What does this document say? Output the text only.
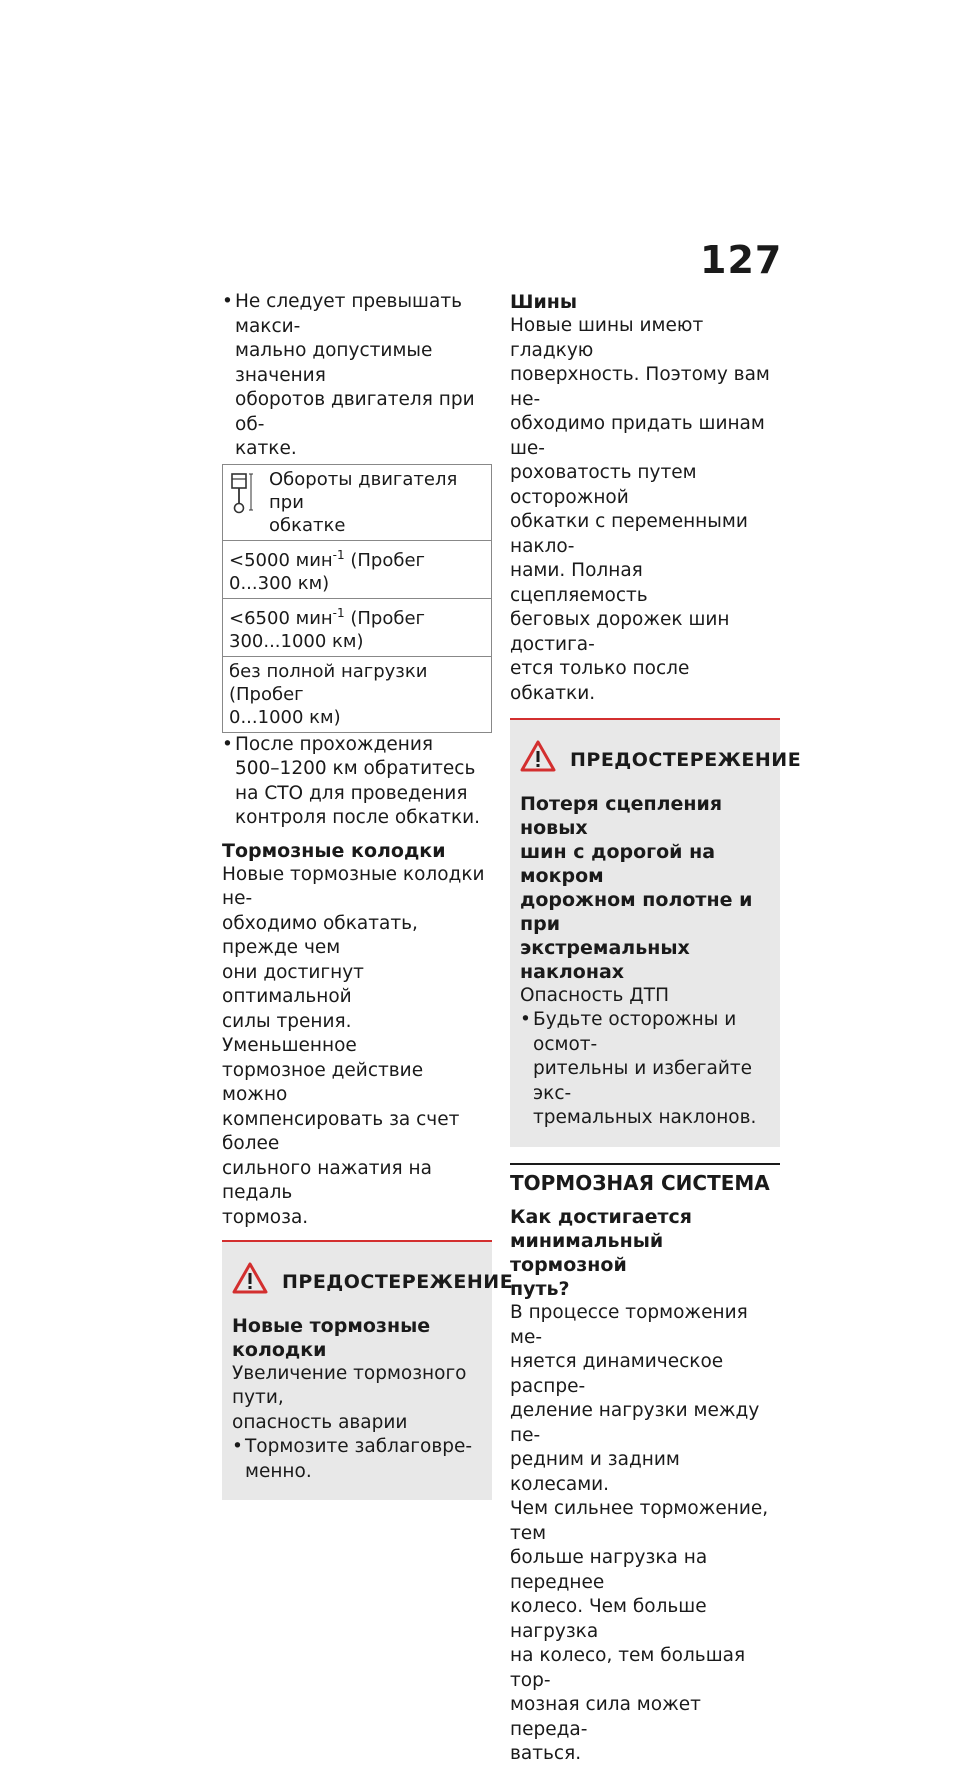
127
• Не следует превышать макси-

мально допустимые значения

оборотов двигателя при об-

катке.

Обороты двигателя при

обкатке

<5000 мин$^{-1}$ (Пробег

0...300 км)

<6500 мин$^{-1}$ (Пробег

300...1000 км)

без полной нагрузки (Пробег

0...1000 км)

• После прохождения

500–1200 км обратитесь

на СТО для проведения

контроля после обкатки.

Тормозные колодки

Новые тормозные колодки не-

обходимо обкатать, прежде чем

они достигнут оптимальной

силы трения. Уменьшенное

тормозное действие можно

компенсировать за счет более

сильного нажатия на педаль

тормоза.

ПРЕДОСТЕРЕЖЕНИЕ

Новые тормозные

колодки

Увеличение тормозного пути,

опасность аварии

• Тормозите заблаговре-

менно.

Шины

Новые шины имеют гладкую

поверхность. Поэтому вам не-

обходимо придать шинам ше-

роховатость путем осторожной

обкатки с переменными накло-

нами. Полная сцепляемость

беговых дорожек шин достига-

ется только после обкатки.

ПРЕДОСТЕРЕЖЕНИЕ

Потеря сцепления новых

шин с дорогой на мокром

дорожном полотне и при

экстремальных наклонах

Опасность ДТП

• Будьте осторожны и осмот-

рительны и избегайте экс-

тремальных наклонов.

ТОРМОЗНАЯ СИСТЕМА
Как достигается
минимальный тормозной
путь?

В процессе торможения ме-

няется динамическое распре-

деление нагрузки между пе-

редним и задним колесами.

Чем сильнее торможение, тем

больше нагрузка на переднее

колесо. Чем больше нагрузка

на колесо, тем большая тор-

мозная сила может переда-

ваться.
